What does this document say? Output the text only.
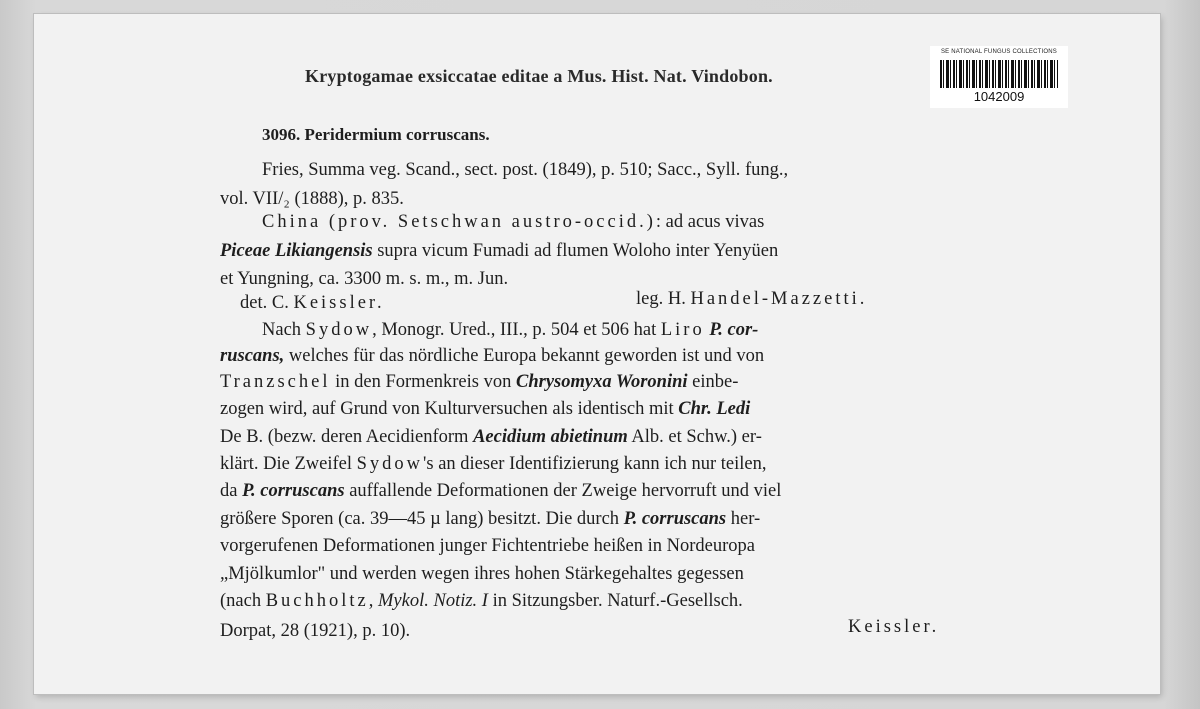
SE NATIONAL FUNGUS COLLECTIONS
1042009
Kryptogamae exsiccatae editae a Mus. Hist. Nat. Vindobon.
3096. Peridermium corruscans.
Fries, Summa veg. Scand., sect. post. (1849), p. 510; Sacc., Syll. fung.,
vol. VII/₂ (1888), p. 835.
China (prov. Setschwan austro-occid.): ad acus vivas
Piceae Likiangensis supra vicum Fumadi ad flumen Woloho inter Yenyüen
et Yungning, ca. 3300 m. s. m., m. Jun.
det. C. Keissler.	leg. H. Handel-Mazzetti.
Nach Sydow, Monogr. Ured., III., p. 504 et 506 hat Liro P. cor-
ruscans, welches für das nördliche Europa bekannt geworden ist und von
Tranzschel in den Formenkreis von Chrysomyxa Woronini einbe-
zogen wird, auf Grund von Kulturversuchen als identisch mit Chr. Ledi
De B. (bezw. deren Aecidienform Aecidium abietinum Alb. et Schw.) er-
klärt. Die Zweifel Sydow's an dieser Identifizierung kann ich nur teilen,
da P. corruscans auffallende Deformationen der Zweige hervorruft und viel
größere Sporen (ca. 39—45 µ lang) besitzt. Die durch P. corruscans her-
vorgerufenen Deformationen junger Fichtentriebe heißen in Nordeuropa
„Mjölkumlor" und werden wegen ihres hohen Stärkegehaltes gegessen
(nach Buchholtz, Mykol. Notiz. I in Sitzungsber. Naturf.-Gesellsch.
Dorpat, 28 (1921), p. 10).	Keissler.
